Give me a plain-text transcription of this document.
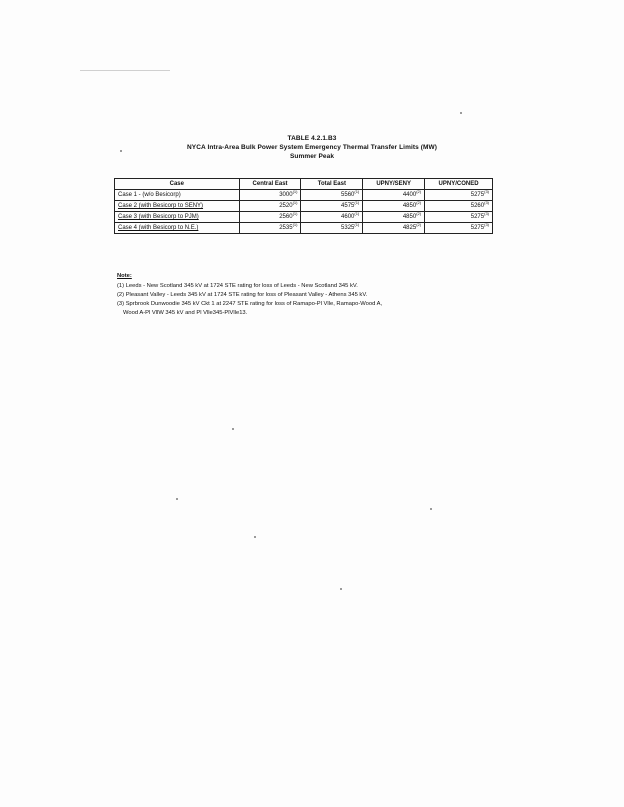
TABLE 4.2.1.B3
NYCA Intra-Area Bulk Power System Emergency Thermal Transfer Limits (MW)
Summer Peak
Case	Central East	Total East	UPNY/SENY	UPNY/CONED
Case 1 - (w/o Besicorp)	3000$^{(1)}$	5560$^{(1)}$	4400$^{(2)}$	5275$^{(3)}$
Case 2 (with Besicorp to SENY)	2520$^{(1)}$	4575$^{(1)}$	4850$^{(2)}$	5260$^{(3)}$
Case 3 (with Besicorp to PJM)	2560$^{(1)}$	4600$^{(1)}$	4850$^{(2)}$	5275$^{(3)}$
Case 4 (with Besicorp to N.E.)	2535$^{(1)}$	5325$^{(1)}$	4825$^{(2)}$	5275$^{(3)}$
Note:
(1) Leeds - New Scotland 345 kV at 1724 STE rating for loss of Leeds - New Scotland 345 kV.
(2) Pleasant Valley - Leeds 345 kV at 1724 STE rating for loss of Pleasant Valley - Athens 345 kV.
(3) Sprbrook Dunwoodie 345 kV Ckt 1 at 2247 STE rating for loss of Ramapo-Pl Vlle, Ramapo-Wood A,
Wood A-Pl VllW 345 kV and Pl Vlle345-PlVlle13.
